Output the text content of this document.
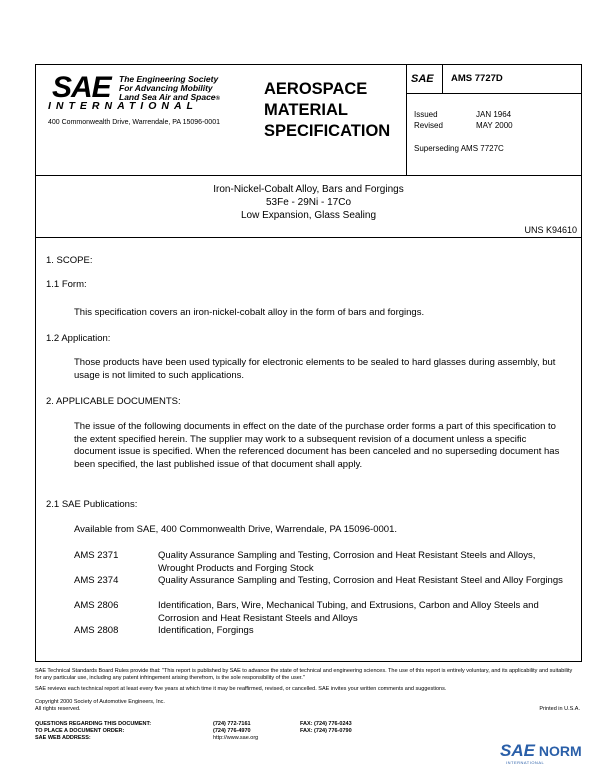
SAE The Engineering Society
For Advancing Mobility
Land Sea Air and Space®
INTERNATIONAL
400 Commonwealth Drive, Warrendale, PA 15096-0001
AEROSPACE
MATERIAL
SPECIFICATION
SAE AMS 7727D
Issued	JAN 1964
Revised	MAY 2000
Superseding AMS 7727C
Iron-Nickel-Cobalt Alloy, Bars and Forgings
53Fe - 29Ni - 17Co
Low Expansion, Glass Sealing
UNS K94610
1. SCOPE:
1.1 Form:
This specification covers an iron-nickel-cobalt alloy in the form of bars and forgings.
1.2 Application:
Those products have been used typically for electronic elements to be sealed to hard glasses during assembly, but usage is not limited to such applications.
2. APPLICABLE DOCUMENTS:
The issue of the following documents in effect on the date of the purchase order forms a part of this specification to the extent specified herein. The supplier may work to a subsequent revision of a document unless a specific document issue is specified. When the referenced document has been canceled and no superseding document has been specified, the last published issue of that document shall apply.
2.1 SAE Publications:
Available from SAE, 400 Commonwealth Drive, Warrendale, PA 15096-0001.
AMS 2371	Quality Assurance Sampling and Testing, Corrosion and Heat Resistant Steels and Alloys, Wrought Products and Forging Stock
AMS 2374	Quality Assurance Sampling and Testing, Corrosion and Heat Resistant Steel and Alloy Forgings
AMS 2806	Identification, Bars, Wire, Mechanical Tubing, and Extrusions, Carbon and Alloy Steels and Corrosion and Heat Resistant Steels and Alloys
AMS 2808	Identification, Forgings
SAE Technical Standards Board Rules provide that: "This report is published by SAE to advance the state of technical and engineering sciences. The use of this report is entirely voluntary, and its applicability and suitability for any particular use, including any patent infringement arising therefrom, is the sole responsibility of the user."
SAE reviews each technical report at least every five years at which time it may be reaffirmed, revised, or cancelled. SAE invites your written comments and suggestions.
Copyright 2000 Society of Automotive Engineers, Inc.
All rights reserved.	Printed in U.S.A.
QUESTIONS REGARDING THIS DOCUMENT:	(724) 772-7161	FAX: (724) 776-0243
TO PLACE A DOCUMENT ORDER:	(724) 776-4970	FAX: (724) 776-0790
SAE WEB ADDRESS:	http://www.sae.org
SAE NORM
INTERNATIONAL
